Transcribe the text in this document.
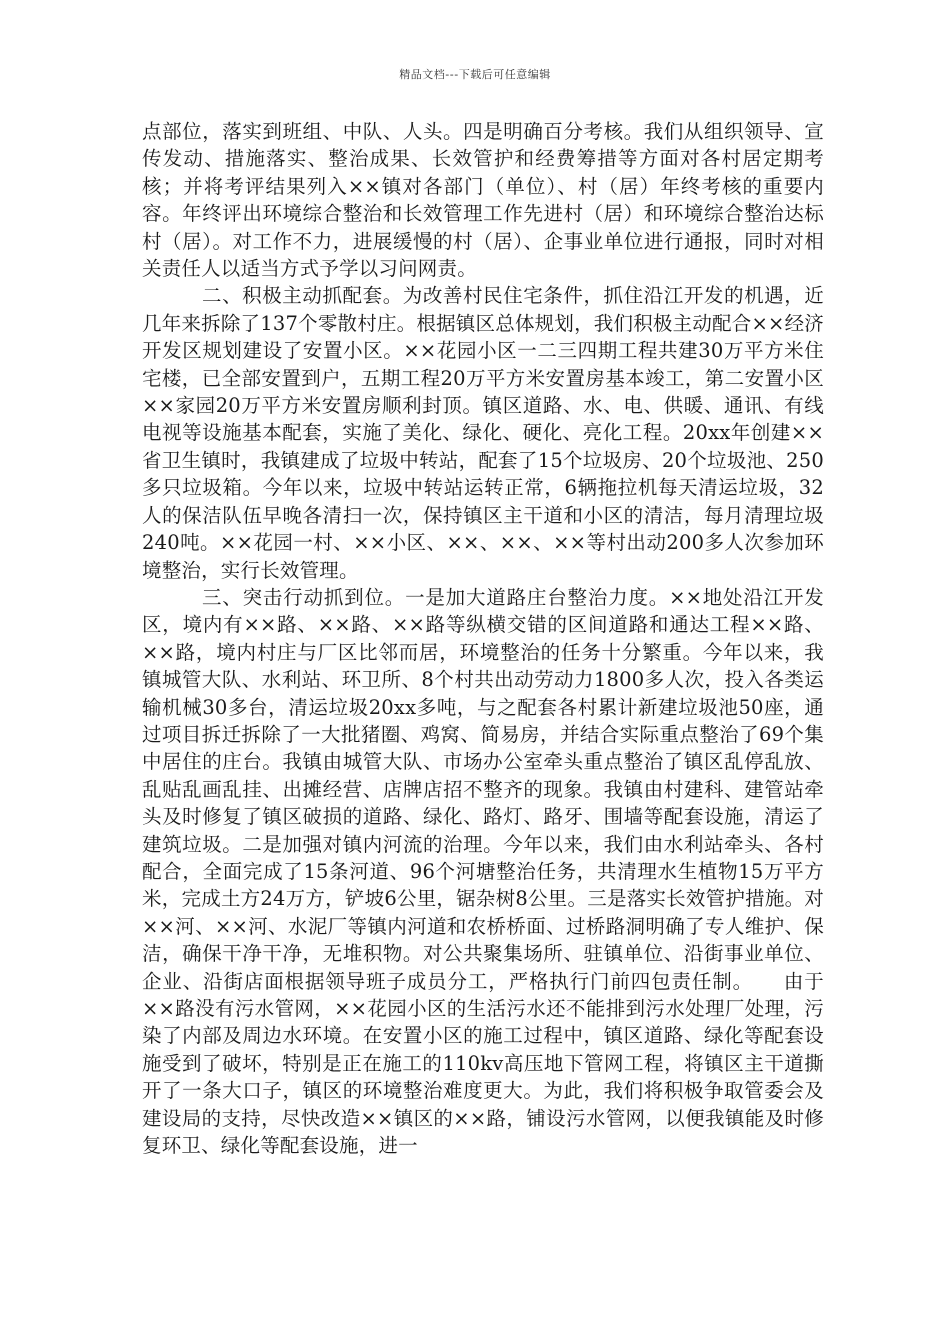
精品文档---下载后可任意编辑

点部位，落实到班组、中队、人头。四是明确百分考核。我们从组织领导、宣传发动、措施落实、整治成果、长效管护和经费筹措等方面对各村居定期考核；并将考评结果列入××镇对各部门（单位）、村（居）年终考核的重要内容。年终评出环境综合整治和长效管理工作先进村（居）和环境综合整治达标村（居）。对工作不力，进展缓慢的村（居）、企事业单位进行通报，同时对相关责任人以适当方式予学以习问网责。

二、积极主动抓配套。为改善村民住宅条件，抓住沿江开发的机遇，近几年来拆除了137个零散村庄。根据镇区总体规划，我们积极主动配合××经济开发区规划建设了安置小区。××花园小区一二三四期工程共建30万平方米住宅楼，已全部安置到户，五期工程20万平方米安置房基本竣工，第二安置小区××家园20万平方米安置房顺利封顶。镇区道路、水、电、供暖、通讯、有线电视等设施基本配套，实施了美化、绿化、硬化、亮化工程。20xx年创建××省卫生镇时，我镇建成了垃圾中转站，配套了15个垃圾房、20个垃圾池、250多只垃圾箱。今年以来，垃圾中转站运转正常，6辆拖拉机每天清运垃圾，32人的保洁队伍早晚各清扫一次，保持镇区主干道和小区的清洁，每月清理垃圾240吨。××花园一村、××小区、××、××、××等村出动200多人次参加环境整治，实行长效管理。

三、突击行动抓到位。一是加大道路庄台整治力度。××地处沿江开发区，境内有××路、××路、××路等纵横交错的区间道路和通达工程××路、××路，境内村庄与厂区比邻而居，环境整治的任务十分繁重。今年以来，我镇城管大队、水利站、环卫所、8个村共出动劳动力1800多人次，投入各类运输机械30多台，清运垃圾20xx多吨，与之配套各村累计新建垃圾池50座，通过项目拆迁拆除了一大批猪圈、鸡窝、简易房，并结合实际重点整治了69个集中居住的庄台。我镇由城管大队、市场办公室牵头重点整治了镇区乱停乱放、乱贴乱画乱挂、出摊经营、店牌店招不整齐的现象。我镇由村建科、建管站牵头及时修复了镇区破损的道路、绿化、路灯、路牙、围墙等配套设施，清运了建筑垃圾。二是加强对镇内河流的治理。今年以来，我们由水利站牵头、各村配合，全面完成了15条河道、96个河塘整治任务，共清理水生植物15万平方米，完成土方24万方，铲坡6公里，锯杂树8公里。三是落实长效管护措施。对××河、××河、水泥厂等镇内河道和农桥桥面、过桥路洞明确了专人维护、保洁，确保干净干净，无堆积物。对公共聚集场所、驻镇单位、沿街事业单位、企业、沿街店面根据领导班子成员分工，严格执行门前四包责任制。　　由于××路没有污水管网，××花园小区的生活污水还不能排到污水处理厂处理，污染了内部及周边水环境。在安置小区的施工过程中，镇区道路、绿化等配套设施受到了破坏，特别是正在施工的110kv高压地下管网工程，将镇区主干道撕开了一条大口子，镇区的环境整治难度更大。为此，我们将积极争取管委会及建设局的支持，尽快改造××镇区的××路，铺设污水管网，以便我镇能及时修复环卫、绿化等配套设施，进一
